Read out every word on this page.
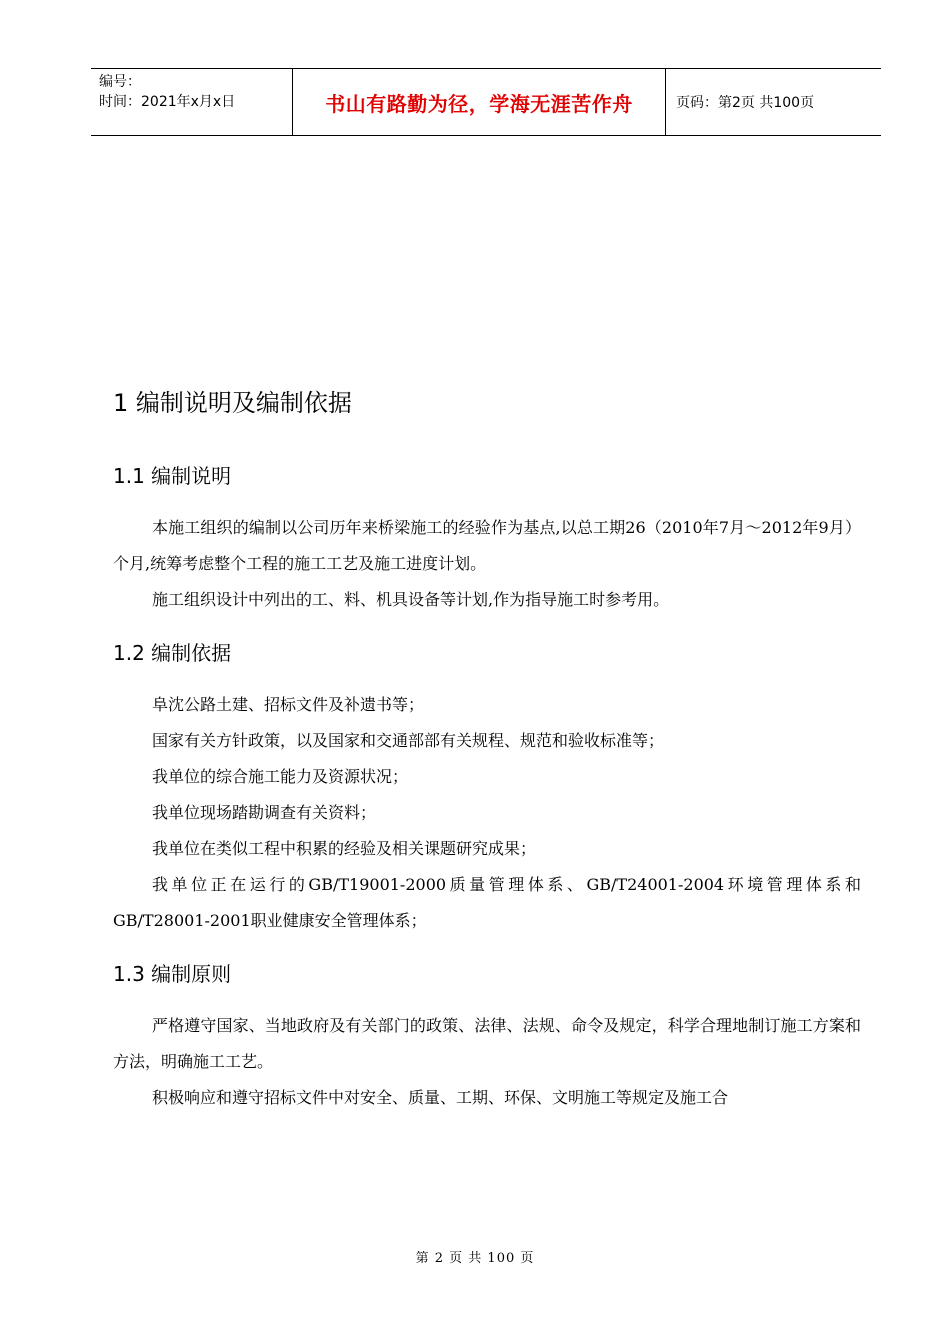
编号：
时间：2021年x月x日	书山有路勤为径，学海无涯苦作舟	页码：第2页 共100页
1 编制说明及编制依据
1.1 编制说明

本施工组织的编制以公司历年来桥梁施工的经验作为基点,以总工期26（2010年7月～2012年9月）个月,统筹考虑整个工程的施工工艺及施工进度计划。

施工组织设计中列出的工、料、机具设备等计划,作为指导施工时参考用。

1.2 编制依据

阜沈公路土建、招标文件及补遗书等；

国家有关方针政策，以及国家和交通部部有关规程、规范和验收标准等；

我单位的综合施工能力及资源状况；

我单位现场踏勘调查有关资料；

我单位在类似工程中积累的经验及相关课题研究成果；

我单位正在运行的GB/T19001-2000质量管理体系、GB/T24001-2004环境管理体系和GB/T28001-2001职业健康安全管理体系；

1.3 编制原则

严格遵守国家、当地政府及有关部门的政策、法律、法规、命令及规定，科学合理地制订施工方案和方法，明确施工工艺。

积极响应和遵守招标文件中对安全、质量、工期、环保、文明施工等规定及施工合

第 2 页 共 100 页
